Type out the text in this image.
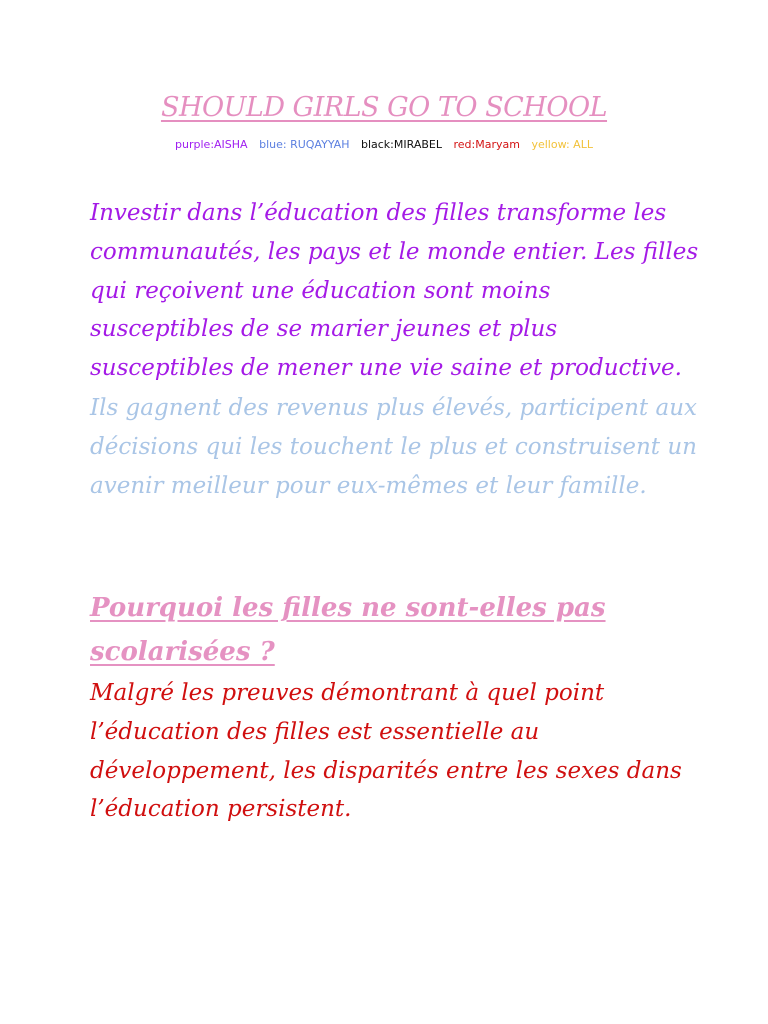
SHOULD GIRLS GO TO SCHOOL
purple:AISHA blue: RUQAYYAH black:MIRABEL red:Maryam yellow: ALL

Investir dans l’éducation des filles transforme les communautés, les pays et le monde entier. Les filles qui reçoivent une éducation sont moins susceptibles de se marier jeunes et plus susceptibles de mener une vie saine et productive.

Ils gagnent des revenus plus élevés, participent aux décisions qui les touchent le plus et construisent un avenir meilleur pour eux-mêmes et leur famille.

Pourquoi les filles ne sont-elles pas scolarisées ?

Malgré les preuves démontrant à quel point l’éducation des filles est essentielle au développement, les disparités entre les sexes dans l’éducation persistent.
